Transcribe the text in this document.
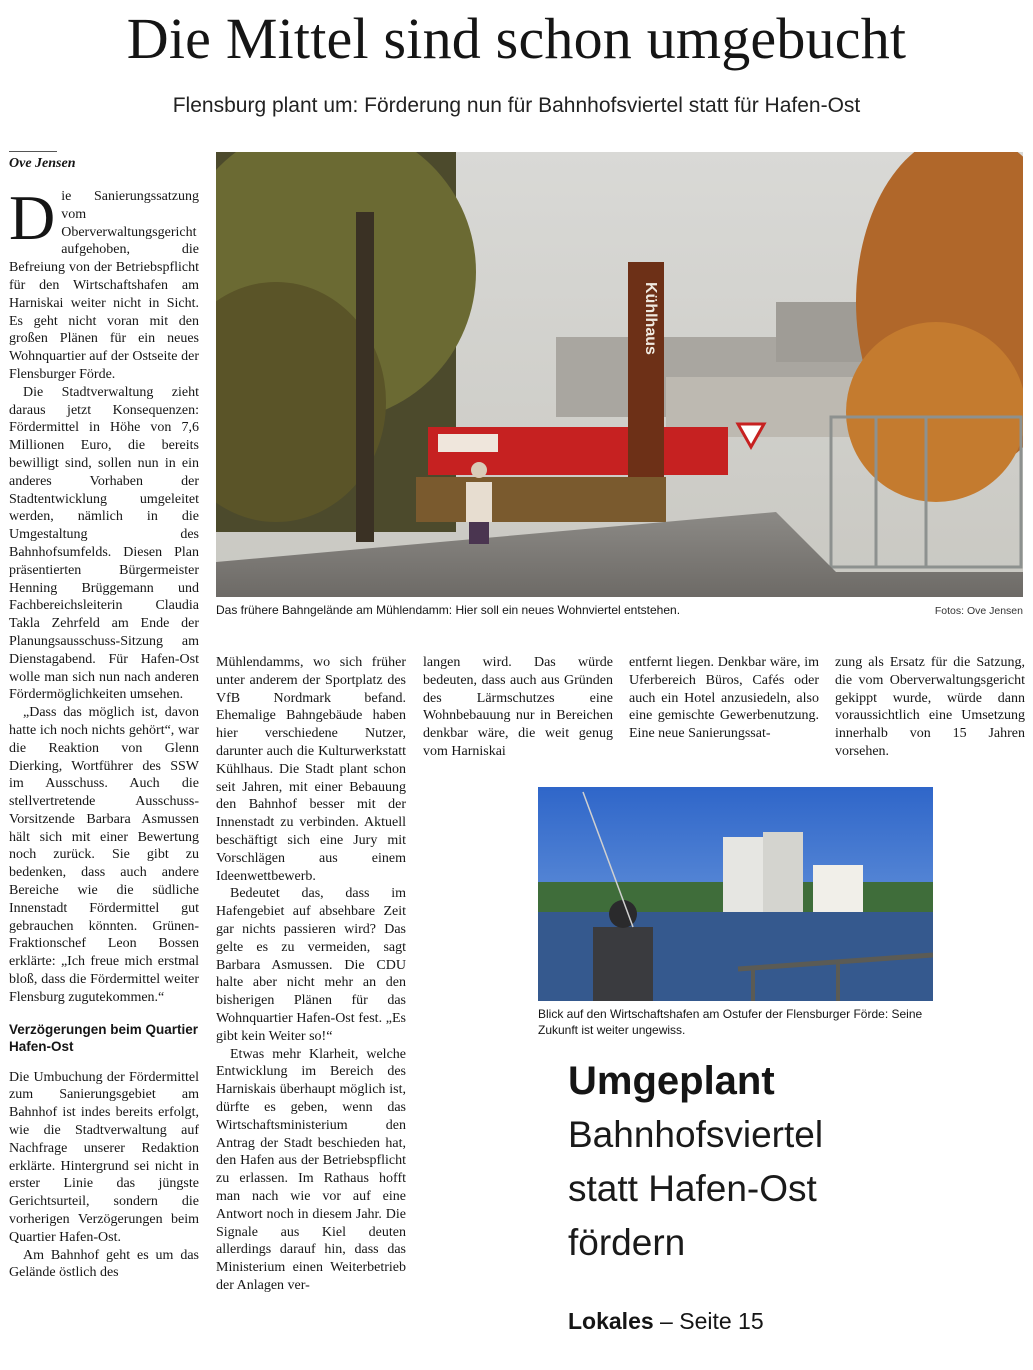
Die Mittel sind schon umgebucht
Flensburg plant um: Förderung nun für Bahnhofsviertel statt für Hafen-Ost
Ove Jensen

Die Sanierungssatzung vom Oberverwaltungsgericht aufgehoben, die Befreiung von der Betriebspflicht für den Wirtschaftshafen am Harniskai weiter nicht in Sicht. Es geht nicht voran mit den großen Plänen für ein neues Wohnquartier auf der Ostseite der Flensburger Förde.

Die Stadtverwaltung zieht daraus jetzt Konsequenzen: Fördermittel in Höhe von 7,6 Millionen Euro, die bereits bewilligt sind, sollen nun in ein anderes Vorhaben der Stadtentwicklung umgeleitet werden, nämlich in die Umgestaltung des Bahnhofsumfelds. Diesen Plan präsentierten Bürgermeister Henning Brüggemann und Fachbereichsleiterin Claudia Takla Zehrfeld am Ende der Planungsausschuss-Sitzung am Dienstagabend. Für Hafen-Ost wolle man sich nun nach anderen Fördermöglichkeiten umsehen.

„Dass das möglich ist, davon hatte ich noch nichts gehört“, war die Reaktion von Glenn Dierking, Wortführer des SSW im Ausschuss. Auch die stellvertretende Ausschuss-Vorsitzende Barbara Asmussen hält sich mit einer Bewertung noch zurück. Sie gibt zu bedenken, dass auch andere Bereiche wie die südliche Innenstadt Fördermittel gut gebrauchen könnten. Grünen-Fraktionschef Leon Bossen erklärte: „Ich freue mich erstmal bloß, dass die Fördermittel weiter Flensburg zugutekommen.“

Verzögerungen beim Quartier Hafen-Ost

Die Umbuchung der Fördermittel zum Sanierungsgebiet am Bahnhof ist indes bereits erfolgt, wie die Stadtverwaltung auf Nachfrage unserer Redaktion erklärte. Hintergrund sei nicht in erster Linie das jüngste Gerichtsurteil, sondern die vorherigen Verzögerungen beim Quartier Hafen-Ost.

Am Bahnhof geht es um das Gelände östlich des

Kühlhaus
Das frühere Bahngelände am Mühlendamm: Hier soll ein neues Wohnviertel entstehen.	Fotos: Ove Jensen

Mühlendamms, wo sich früher unter anderem der Sportplatz des VfB Nordmark befand. Ehemalige Bahngebäude haben hier verschiedene Nutzer, darunter auch die Kulturwerkstatt Kühlhaus. Die Stadt plant schon seit Jahren, mit einer Bebauung den Bahnhof besser mit der Innenstadt zu verbinden. Aktuell beschäftigt sich eine Jury mit Vorschlägen aus einem Ideenwettbewerb.

Bedeutet das, dass im Hafengebiet auf absehbare Zeit gar nichts passieren wird? Das gelte es zu vermeiden, sagt Barbara Asmussen. Die CDU halte aber nicht mehr an den bisherigen Plänen für das Wohnquartier Hafen-Ost fest. „Es gibt kein Weiter so!“

Etwas mehr Klarheit, welche Entwicklung im Bereich des Harniskais überhaupt möglich ist, dürfte es geben, wenn das Wirtschaftsministerium den Antrag der Stadt beschieden hat, den Hafen aus der Betriebspflicht zu erlassen. Im Rathaus hofft man nach wie vor auf eine Antwort noch in diesem Jahr. Die Signale aus Kiel deuten allerdings darauf hin, dass das Ministerium einen Weiterbetrieb der Anlagen ver-

langen wird. Das würde bedeuten, dass auch aus Gründen des Lärmschutzes eine Wohnbebauung nur in Bereichen denkbar wäre, die weit genug vom Harniskai

entfernt liegen. Denkbar wäre, im Uferbereich Büros, Cafés oder auch ein Hotel anzusiedeln, also eine gemischte Gewerbenutzung. Eine neue Sanierungssat-

zung als Ersatz für die Satzung, die vom Oberverwaltungsgericht gekippt wurde, würde dann voraussichtlich eine Umsetzung innerhalb von 15 Jahren vorsehen.

Blick auf den Wirtschaftshafen am Ostufer der Flensburger Förde: Seine Zukunft ist weiter ungewiss.
Umgeplant
Bahnhofsviertel
statt Hafen-Ost
fördern
Lokales – Seite 15
